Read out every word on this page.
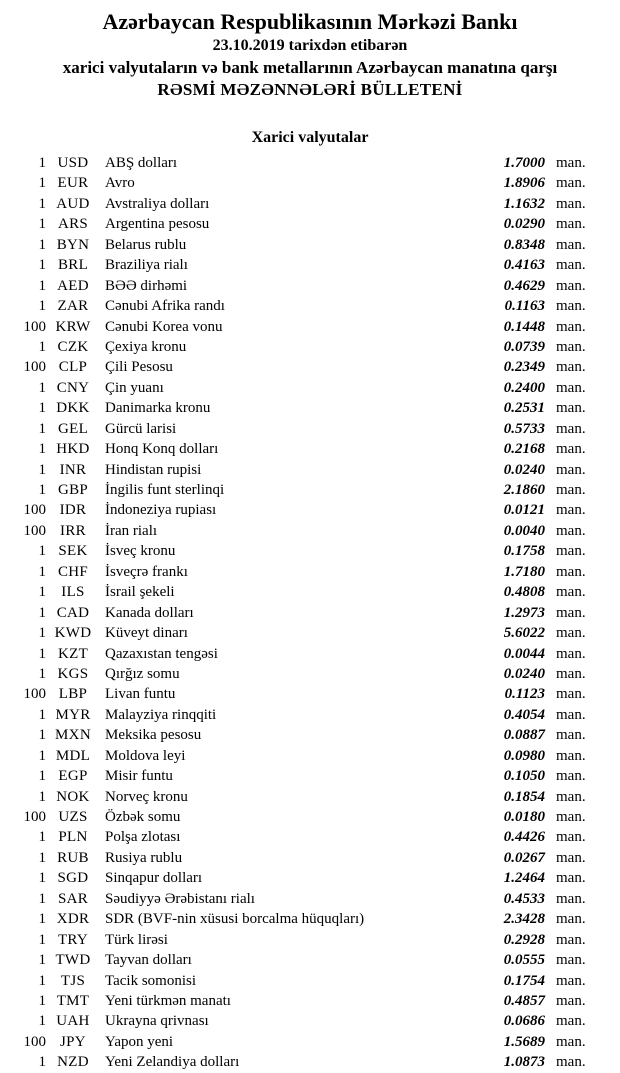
Azərbaycan Respublikasının Mərkəzi Bankı
23.10.2019 tarixdən etibarən
xarici valyutaların və bank metallarının Azərbaycan manatına qarşı
RƏSMİ MƏZƏNNƏLƏRİ BÜLLETENİ
Xarici valyutalar
1 USD	ABŞ dolları	1.7000 man.
1 EUR	Avro	1.8906 man.
1 AUD	Avstraliya dolları	1.1632 man.
1 ARS	Argentina pesosu	0.0290 man.
1 BYN	Belarus rublu	0.8348 man.
1 BRL	Braziliya rialı	0.4163 man.
1 AED	BƏƏ dirhəmi	0.4629 man.
1 ZAR	Cənubi Afrika randı	0.1163 man.
100 KRW Cənubi Korea vonu	0.1448 man.
1 CZK	Çexiya kronu	0.0739 man.
100 CLP	Çili Pesosu	0.2349 man.
1 CNY	Çin yuanı	0.2400 man.
1 DKK	Danimarka kronu	0.2531 man.
1 GEL	Gürcü larisi	0.5733 man.
1 HKD	Honq Konq dolları	0.2168 man.
1 INR	Hindistan rupisi	0.0240 man.
1 GBP	İngilis funt sterlinqi	2.1860 man.
100 IDR	İndoneziya rupiası	0.0121 man.
100 IRR	İran rialı	0.0040 man.
1 SEK	İsveç kronu	0.1758 man.
1 CHF	İsveçrə frankı	1.7180 man.
1	ILS	İsrail şekeli	0.4808 man.
1 CAD	Kanada dolları	1.2973 man.
1 KWD Küveyt dinarı	5.6022 man.
1 KZT	Qazaxıstan tengəsi	0.0044 man.
1 KGS	Qırğız somu	0.0240 man.
100 LBP	Livan funtu	0.1123 man.
1 MYR Malayziya rinqqiti	0.4054 man.
1 MXN Meksika pesosu	0.0887 man.
1 MDL Moldova leyi	0.0980 man.
1 EGP	Misir funtu	0.1050 man.
1 NOK	Norveç kronu	0.1854 man.
100 UZS	Özbək somu	0.0180 man.
1 PLN	Polşa zlotası	0.4426 man.
1 RUB	Rusiya rublu	0.0267 man.
1 SGD	Sinqapur dolları	1.2464 man.
1 SAR	Səudiyyə Ərəbistanı rialı	0.4533 man.
1 XDR	SDR (BVF-nin xüsusi borcalma hüquqları)	2.3428 man.
1 TRY	Türk lirəsi	0.2928 man.
1 TWD Tayvan dolları	0.0555 man.
1 TJS	Tacik somonisi	0.1754 man.
1 TMT	Yeni türkmən manatı	0.4857 man.
1 UAH	Ukrayna qrivnası	0.0686 man.
100 JPY	Yapon yeni	1.5689 man.
1 NZD	Yeni Zelandiya dolları	1.0873 man.
